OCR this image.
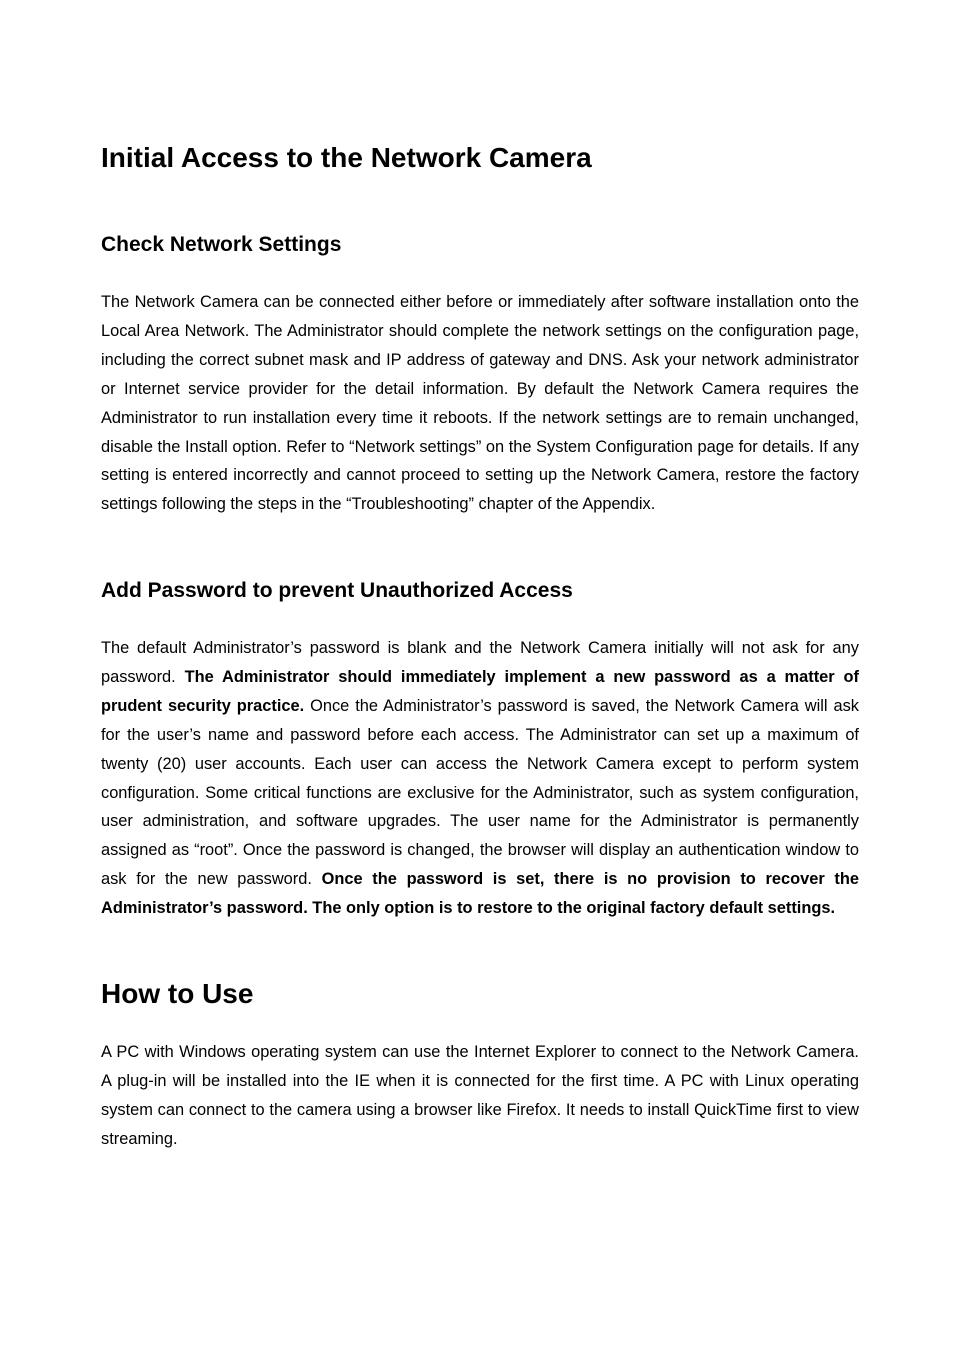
Initial Access to the Network Camera
Check Network Settings

The Network Camera can be connected either before or immediately after software installation onto the Local Area Network. The Administrator should complete the network settings on the configuration page, including the correct subnet mask and IP address of gateway and DNS. Ask your network administrator or Internet service provider for the detail information. By default the Network Camera requires the Administrator to run installation every time it reboots. If the network settings are to remain unchanged, disable the Install option. Refer to “Network settings” on the System Configuration page for details. If any setting is entered incorrectly and cannot proceed to setting up the Network Camera, restore the factory settings following the steps in the “Troubleshooting” chapter of the Appendix.

Add Password to prevent Unauthorized Access

The default Administrator’s password is blank and the Network Camera initially will not ask for any password. The Administrator should immediately implement a new password as a matter of prudent security practice. Once the Administrator’s password is saved, the Network Camera will ask for the user’s name and password before each access. The Administrator can set up a maximum of twenty (20) user accounts. Each user can access the Network Camera except to perform system configuration. Some critical functions are exclusive for the Administrator, such as system configuration, user administration, and software upgrades. The user name for the Administrator is permanently assigned as “root”. Once the password is changed, the browser will display an authentication window to ask for the new password. Once the password is set, there is no provision to recover the Administrator’s password. The only option is to restore to the original factory default settings.

How to Use

A PC with Windows operating system can use the Internet Explorer to connect to the Network Camera. A plug-in will be installed into the IE when it is connected for the first time. A PC with Linux operating system can connect to the camera using a browser like Firefox. It needs to install QuickTime first to view streaming.
